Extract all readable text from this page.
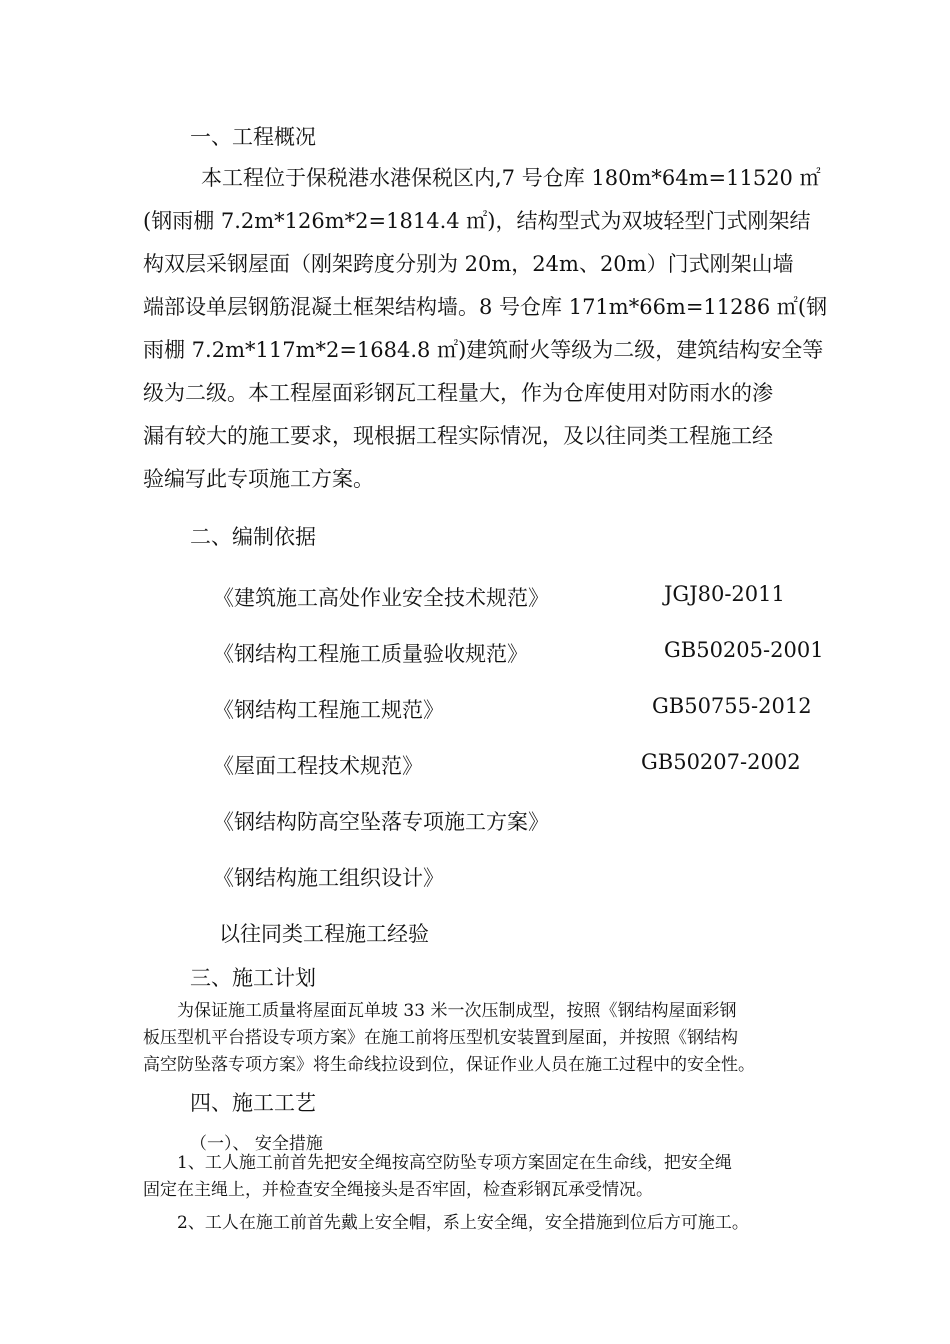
一、工程概况

本工程位于保税港水港保税区内,7 号仓库 180m*64m=11520 ㎡

(钢雨棚 7.2m*126m*2=1814.4 ㎡)，结构型式为双坡轻型门式刚架结

构双层采钢屋面（刚架跨度分别为 20m，24m、20m）门式刚架山墙

端部设单层钢筋混凝土框架结构墙。8 号仓库 171m*66m=11286 ㎡(钢

雨棚 7.2m*117m*2=1684.8 ㎡)建筑耐火等级为二级，建筑结构安全等

级为二级。本工程屋面彩钢瓦工程量大，作为仓库使用对防雨水的渗

漏有较大的施工要求，现根据工程实际情况，及以往同类工程施工经

验编写此专项施工方案。

二、编制依据

《建筑施工高处作业安全技术规范》	JGJ80-2011

《钢结构工程施工质量验收规范》	GB50205-2001

《钢结构工程施工规范》	GB50755-2012

《屋面工程技术规范》	GB50207-2002

《钢结构防高空坠落专项施工方案》

《钢结构施工组织设计》

以往同类工程施工经验

三、施工计划

为保证施工质量将屋面瓦单坡 33 米一次压制成型，按照《钢结构屋面彩钢

板压型机平台搭设专项方案》在施工前将压型机安装置到屋面，并按照《钢结构

高空防坠落专项方案》将生命线拉设到位，保证作业人员在施工过程中的安全性。

四、施工工艺

（一）、 安全措施

1、工人施工前首先把安全绳按高空防坠专项方案固定在生命线，把安全绳

固定在主绳上，并检查安全绳接头是否牢固，检查彩钢瓦承受情况。

2、工人在施工前首先戴上安全帽，系上安全绳，安全措施到位后方可施工。
